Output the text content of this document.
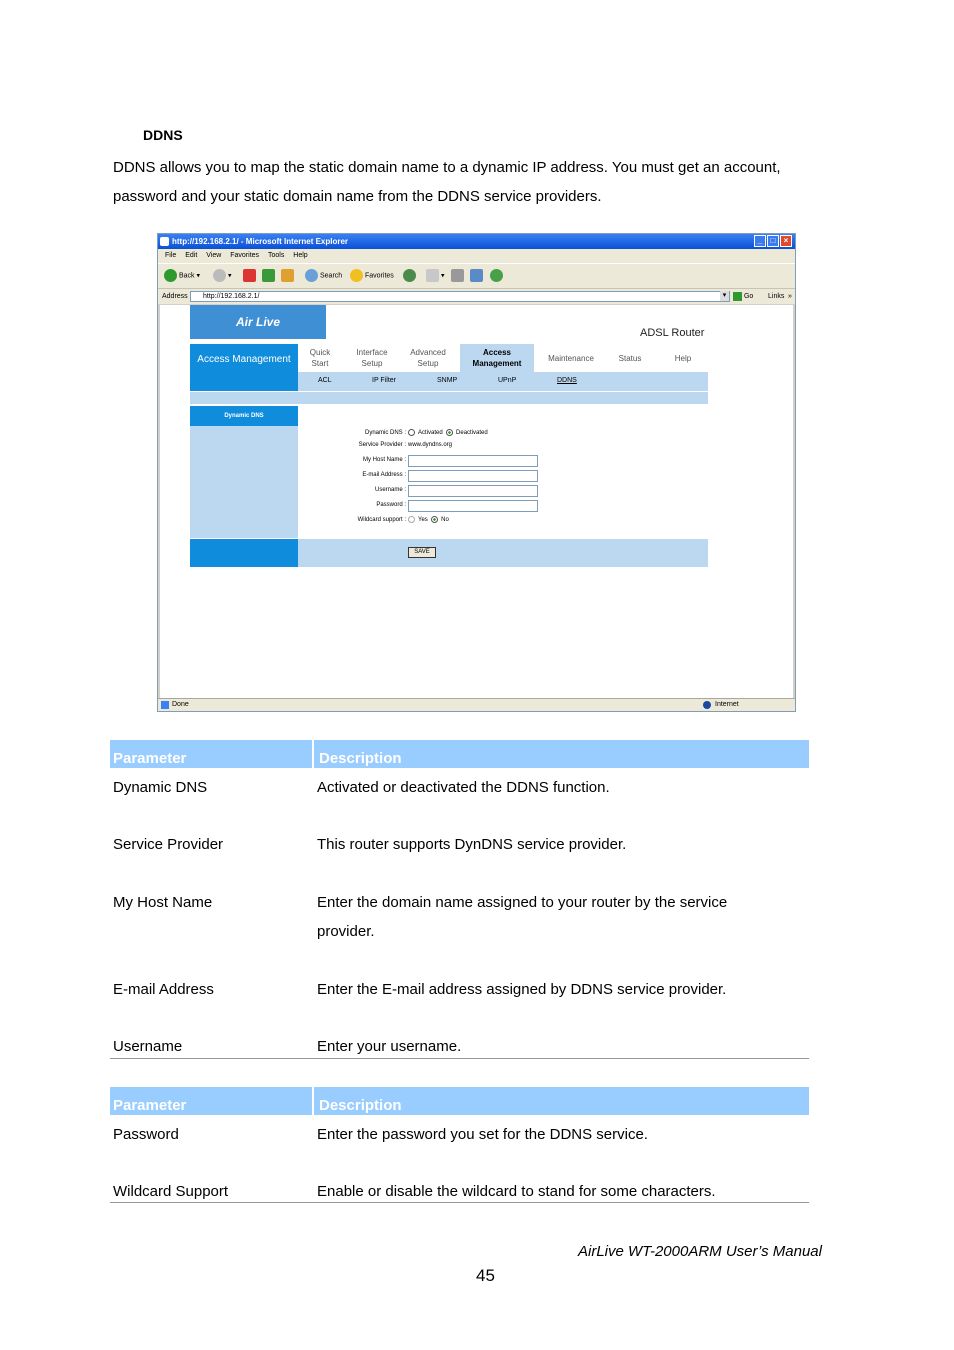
DDNS
DDNS allows you to map the static domain name to a dynamic IP address. You must get an account, password and your static domain name from the DDNS service providers.
http://192.168.2.1/ - Microsoft Internet Explorer	_	□	×
File Edit View Favorites Tools Help
Back ▾	▾	Search	Favorites	▾
Address	http://192.168.2.1/	▾	Go Links »
Air Live
ADSL Router
Access Management
Quick Start
Interface Setup
Advanced Setup
Access Management
Maintenance	Status	Help
ACL	IP Filter	SNMP	UPnP	DDNS
Dynamic DNS
Dynamic DNS :	Activated Deactivated
Service Provider : www.dyndns.org
My Host Name :
E-mail Address :
Username :
Password :
Wildcard support :	Yes No
SAVE
Done	Internet
Parameter	Description
Dynamic DNS	Activated or deactivated the DDNS function.
Service Provider	This router supports DynDNS service provider.
My Host Name	Enter the domain name assigned to your router by the service provider.
E-mail Address	Enter the E-mail address assigned by DDNS service provider.
Username	Enter your username.
Parameter	Description
Password	Enter the password you set for the DDNS service.
Wildcard Support	Enable or disable the wildcard to stand for some characters.
AirLive WT-2000ARM User’s Manual
45
